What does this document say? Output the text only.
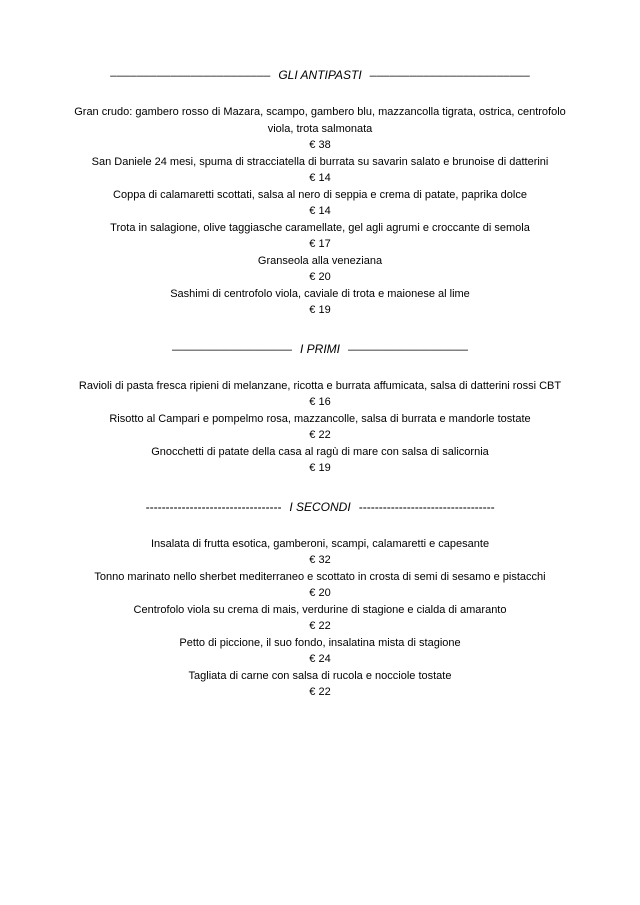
–––––––––––––––––––––––– GLI ANTIPASTI ––––––––––––––––––––––––
Gran crudo: gambero rosso di Mazara, scampo, gambero blu, mazzancolla tigrata, ostrica, centrofolo viola, trota salmonata
€ 38
San Daniele 24 mesi, spuma di stracciatella di burrata su savarin salato e brunoise di datterini
€ 14
Coppa di calamaretti scottati, salsa al nero di seppia e crema di patate, paprika dolce
€ 14
Trota in salagione, olive taggiasche caramellate, gel agli agrumi e croccante di semola
€ 17
Granseola alla veneziana
€ 20
Sashimi di centrofolo viola, caviale di trota e maionese al lime
€ 19
—————————— I PRIMI ——————————
Ravioli di pasta fresca ripieni di melanzane, ricotta e burrata affumicata, salsa di datterini rossi CBT
€ 16
Risotto al Campari e pompelmo rosa, mazzancolle, salsa di burrata e mandorle tostate
€ 22
Gnocchetti di patate della casa al ragù di mare con salsa di salicornia
€ 19
---------------------------------- I SECONDI ----------------------------------
Insalata di frutta esotica, gamberoni, scampi, calamaretti e capesante
€ 32
Tonno marinato nello sherbet mediterraneo e scottato in crosta di semi di sesamo e pistacchi
€ 20
Centrofolo viola su crema di mais, verdurine di stagione e cialda di amaranto
€ 22
Petto di piccione, il suo fondo, insalatina mista di stagione
€ 24
Tagliata di carne con salsa di rucola e nocciole tostate
€ 22
